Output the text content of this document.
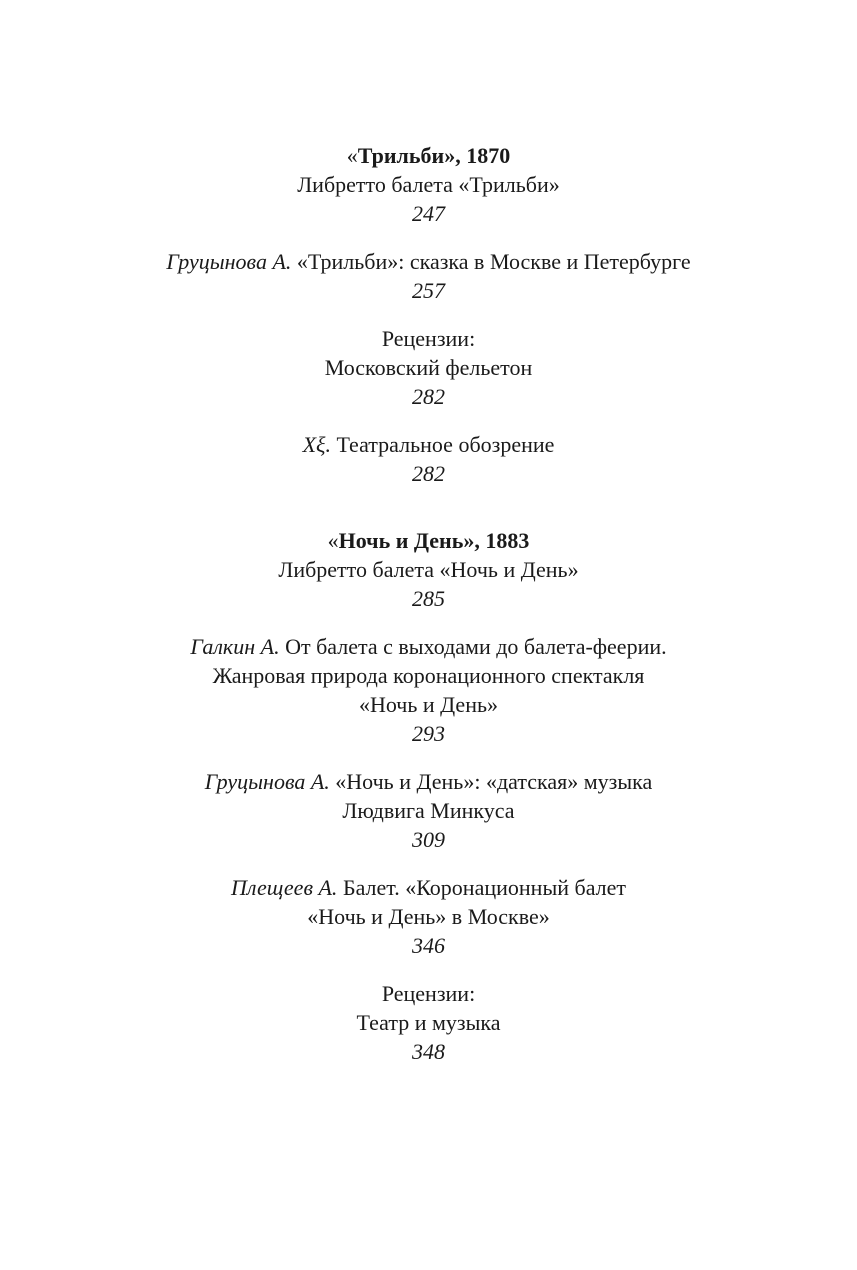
«Трильби», 1870
Либретто балета «Трильби»
247
Груцынова А. «Трильби»: сказка в Москве и Петербурге
257
Рецензии:
Московский фельетон
282
Xξ. Театральное обозрение
282
«Ночь и День», 1883
Либретто балета «Ночь и День»
285
Галкин А. От балета с выходами до балета-феерии.
Жанровая природа коронационного спектакля
«Ночь и День»
293
Груцынова А. «Ночь и День»: «датская» музыка
Людвига Минкуса
309
Плещеев А. Балет. «Коронационный балет
«Ночь и День» в Москве»
346
Рецензии:
Театр и музыка
348
